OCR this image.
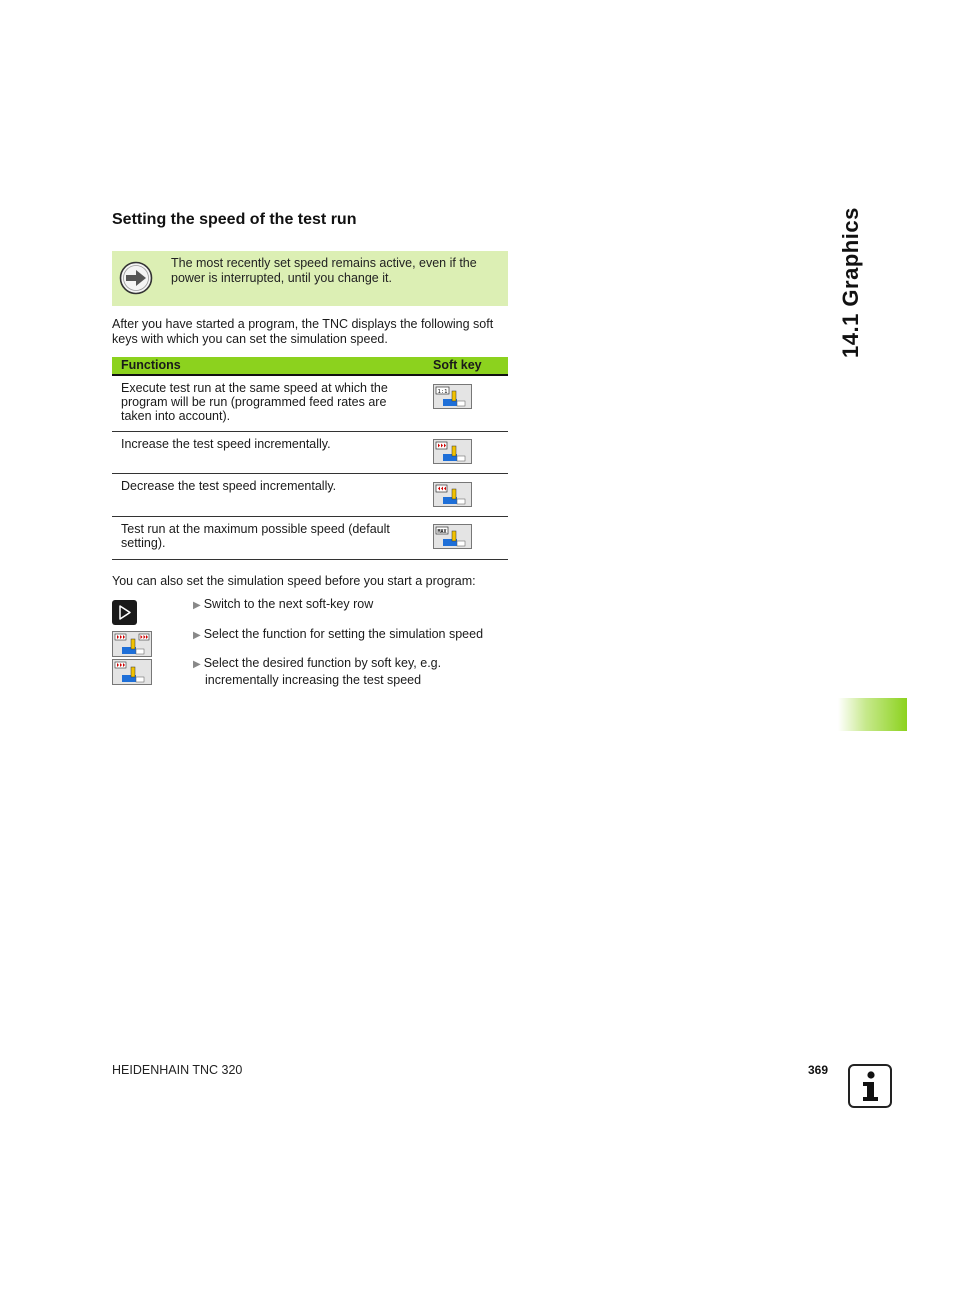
Setting the speed of the test run
The most recently set speed remains active, even if the power is interrupted, until you change it.
After you have started a program, the TNC displays the following soft keys with which you can set the simulation speed.
Functions	Soft key
Execute test run at the same speed at which the program will be run (programmed feed rates are taken into account).
1:1
Increase the test speed incrementally.
Decrease the test speed incrementally.
Test run at the maximum possible speed (default setting).
MAX
You can also set the simulation speed before you start a program:
▶ Switch to the next soft-key row
▶ Select the function for setting the simulation speed
▶ Select the desired function by soft key, e.g.
incrementally increasing the test speed
14.1 Graphics
HEIDENHAIN TNC 320	369
